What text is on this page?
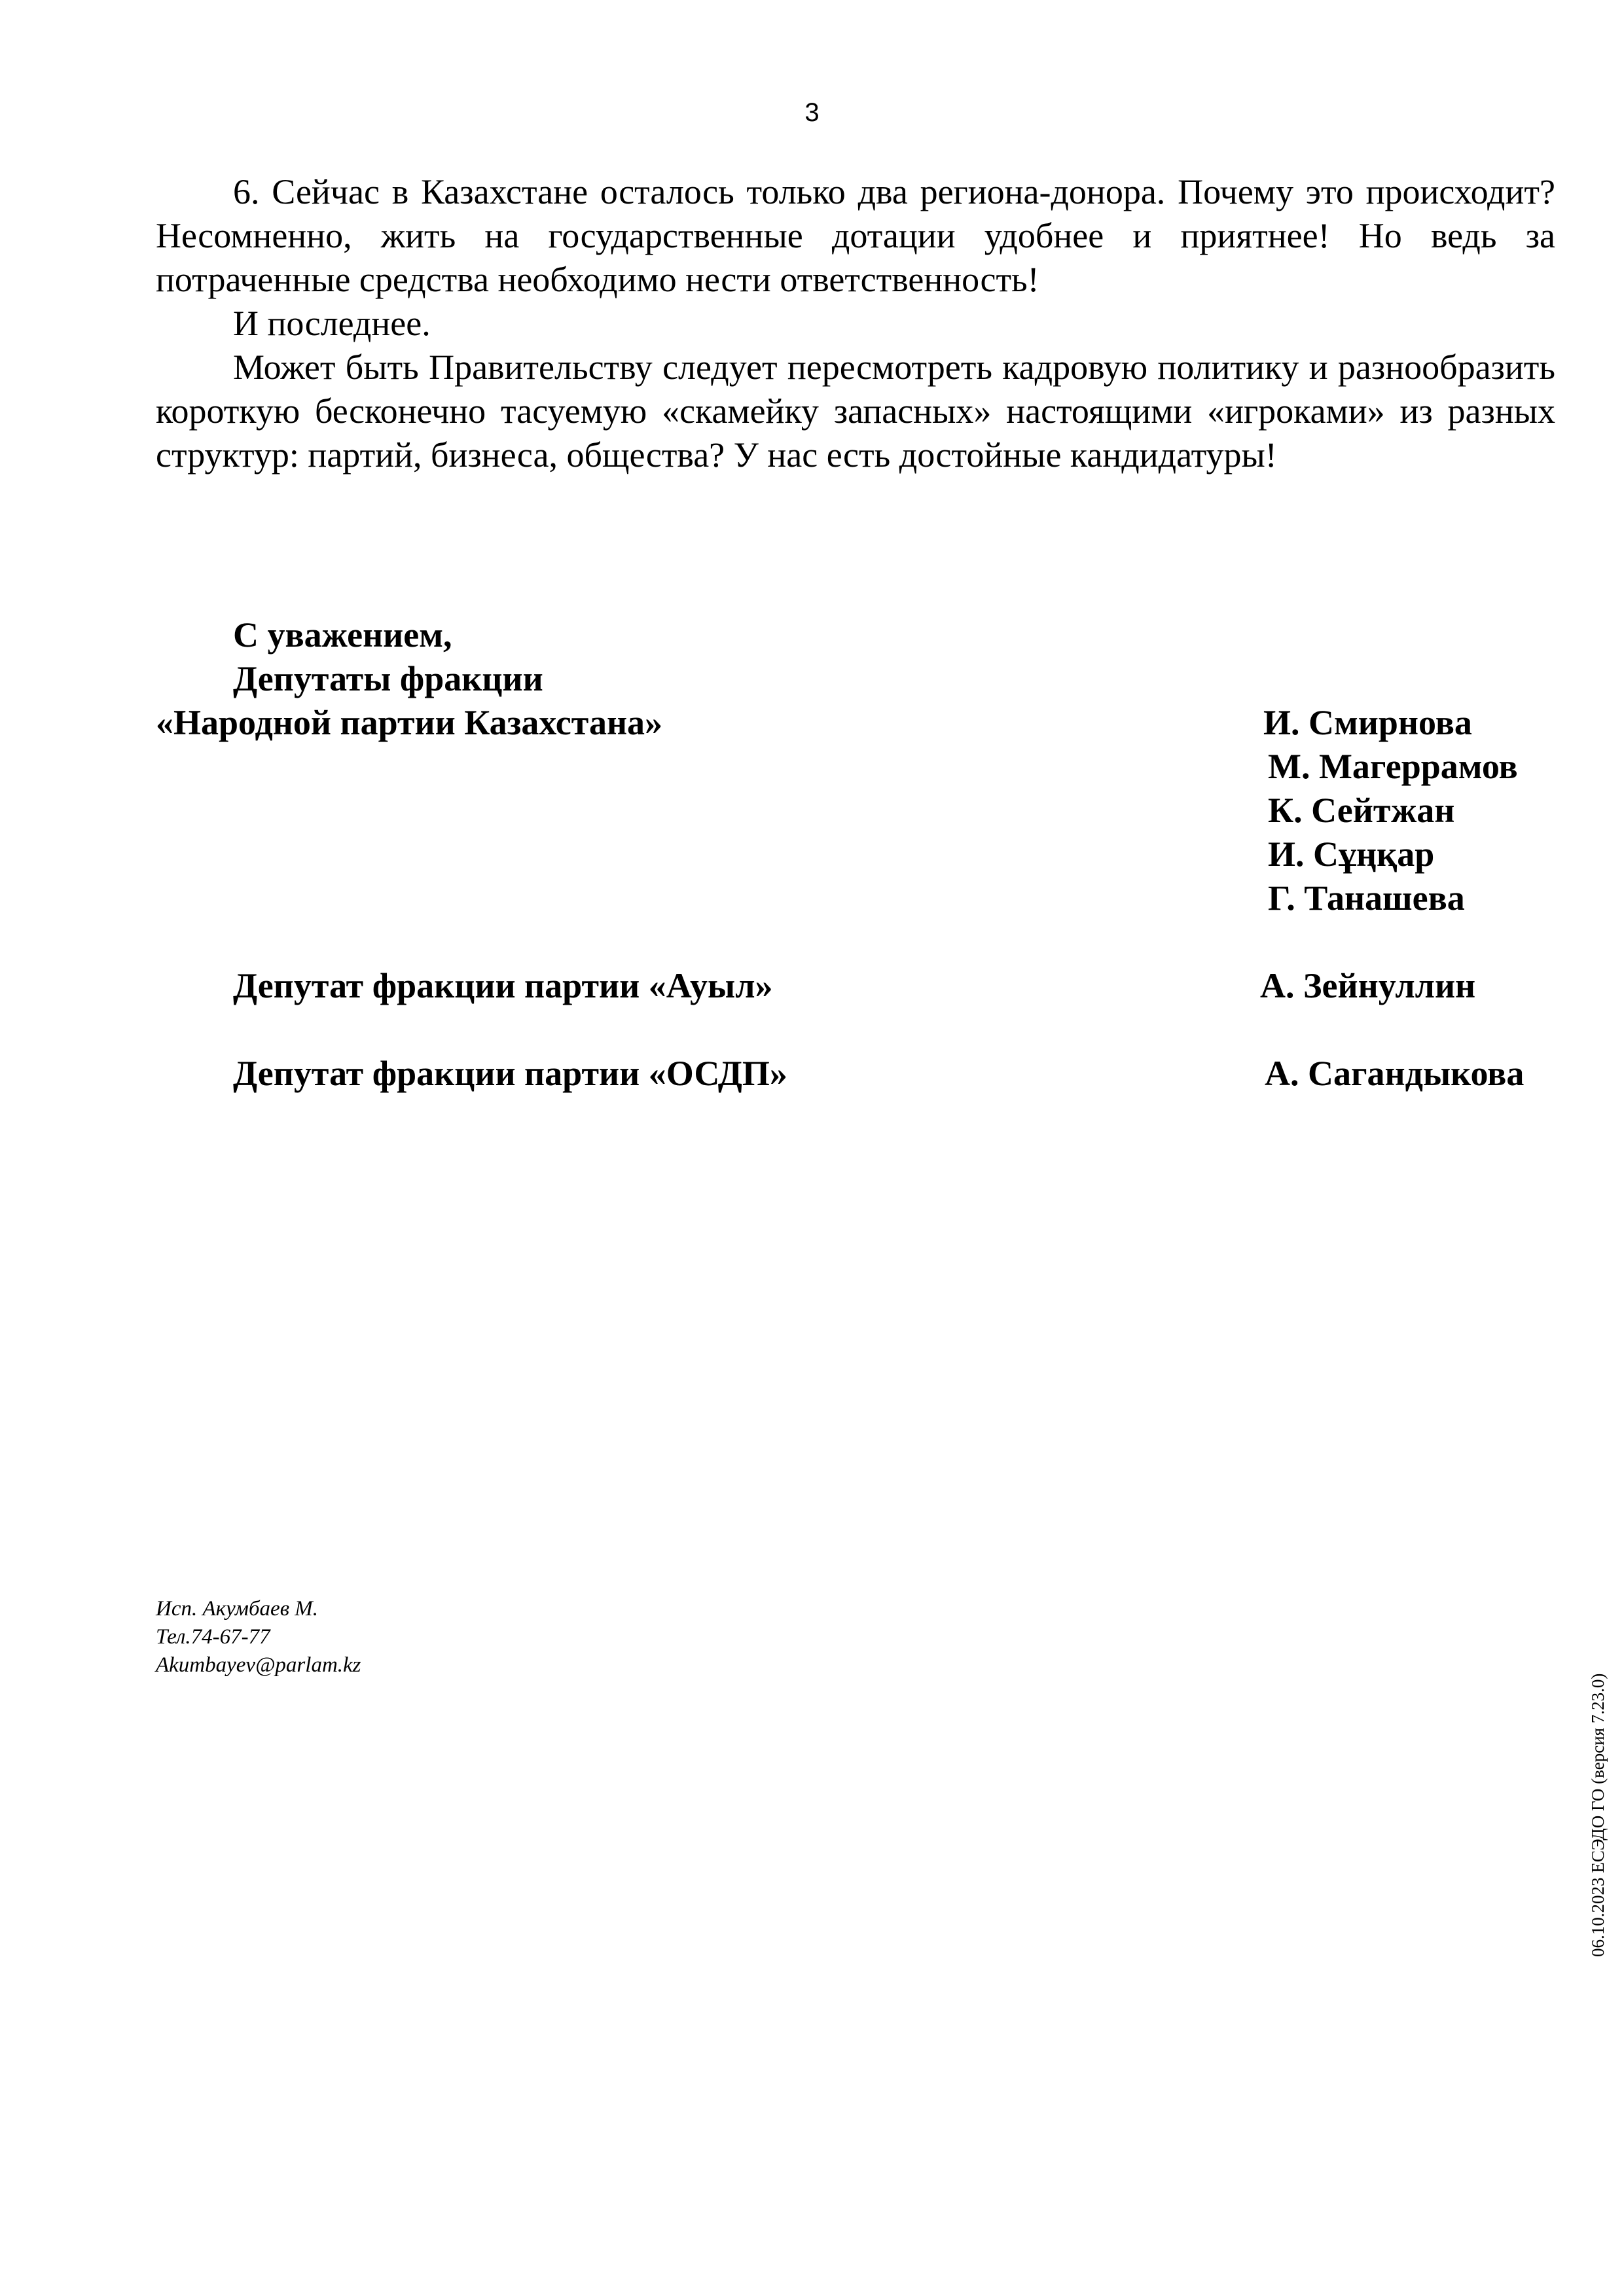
3

6. Сейчас в Казахстане осталось только два региона-донора. Почему это происходит? Несомненно, жить на государственные дотации удобнее и приятнее! Но ведь за потраченные средства необходимо нести ответственность!

И последнее.

Может быть Правительству следует пересмотреть кадровую политику и разнообразить короткую бесконечно тасуемую «скамейку запасных» настоящими «игроками» из разных структур: партий, бизнеса, общества? У нас есть достойные кандидатуры!

С уважением,
Депутаты фракции
«Народной партии Казахстана»	И. Смирнова
М. Магеррамов
К. Сейтжан
И. Сұңқар
Г. Танашева
Депутат фракции партии «Ауыл»	А. Зейнуллин
Депутат фракции партии «ОСДП»	А. Сагандыкова
Исп. Акумбаев М.
Тел.74-67-77
Akumbayev@parlam.kz
06.10.2023 ЕСЭДО ГО (версия 7.23.0)
